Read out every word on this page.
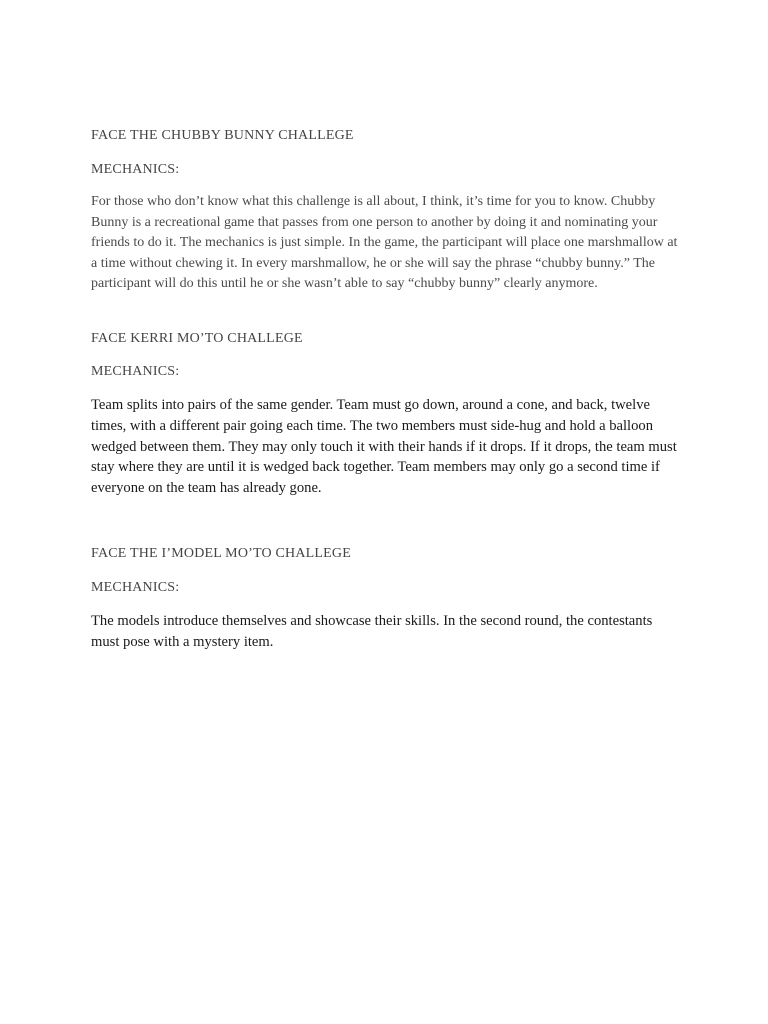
FACE THE CHUBBY BUNNY CHALLEGE

MECHANICS:

For those who don’t know what this challenge is all about, I think, it’s time for you to know. Chubby Bunny is a recreational game that passes from one person to another by doing it and nominating your friends to do it. The mechanics is just simple. In the game, the participant will place one marshmallow at a time without chewing it. In every marshmallow, he or she will say the phrase “chubby bunny.” The participant will do this until he or she wasn’t able to say “chubby bunny” clearly anymore.

FACE KERRI MO’TO CHALLEGE

MECHANICS:

Team splits into pairs of the same gender. Team must go down, around a cone, and back, twelve times, with a different pair going each time. The two members must side-hug and hold a balloon wedged between them. They may only touch it with their hands if it drops. If it drops, the team must stay where they are until it is wedged back together. Team members may only go a second time if everyone on the team has already gone.

FACE THE I’MODEL MO’TO CHALLEGE

MECHANICS:

The models introduce themselves and showcase their skills. In the second round, the contestants must pose with a mystery item.
